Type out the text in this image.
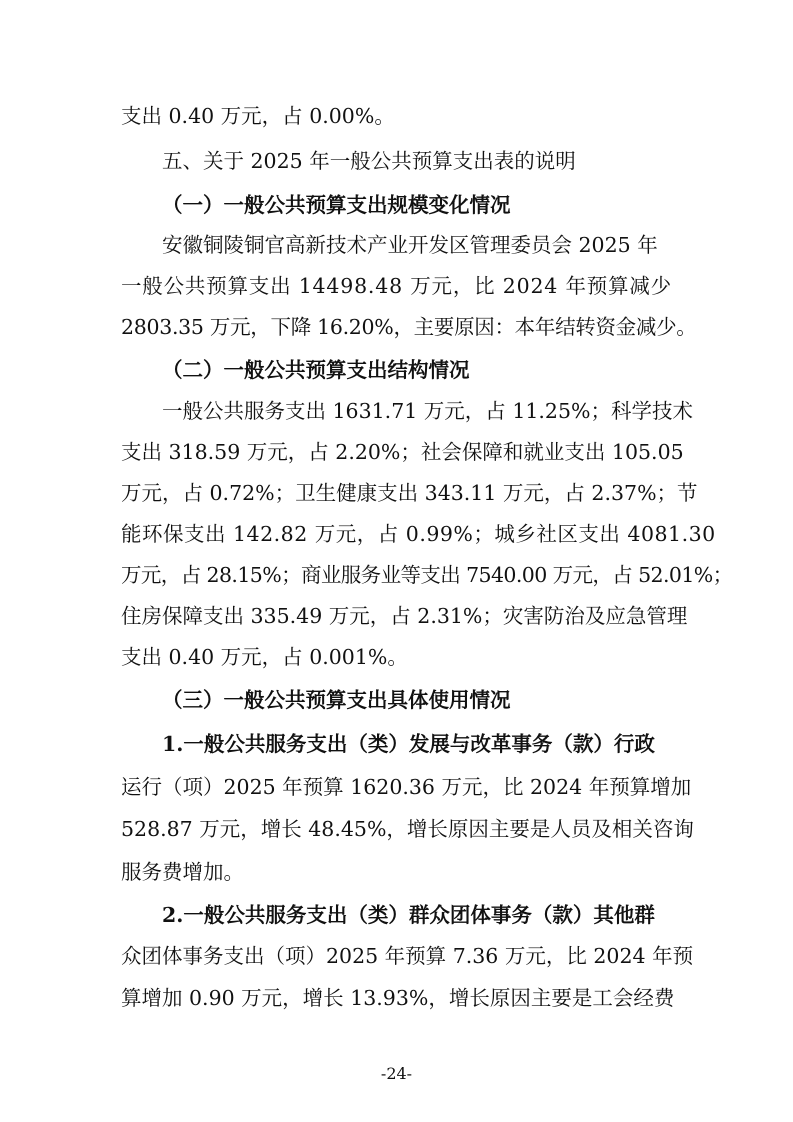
支出 0.40 万元，占 0.00%。
五、关于 2025 年一般公共预算支出表的说明
（一）一般公共预算支出规模变化情况
安徽铜陵铜官高新技术产业开发区管理委员会 2025 年
一般公共预算支出 14498.48 万元，比 2024 年预算减少
2803.35 万元，下降 16.20%，主要原因：本年结转资金减少。
（二）一般公共预算支出结构情况
一般公共服务支出 1631.71 万元，占 11.25%；科学技术
支出 318.59 万元，占 2.20%；社会保障和就业支出 105.05
万元，占 0.72%；卫生健康支出 343.11 万元，占 2.37%；节
能环保支出 142.82 万元，占 0.99%；城乡社区支出 4081.30
万元，占 28.15%；商业服务业等支出 7540.00 万元，占 52.01%；
住房保障支出 335.49 万元，占 2.31%；灾害防治及应急管理
支出 0.40 万元，占 0.001%。
（三）一般公共预算支出具体使用情况
1.一般公共服务支出（类）发展与改革事务（款）行政
运行（项）2025 年预算 1620.36 万元，比 2024 年预算增加
528.87 万元，增长 48.45%，增长原因主要是人员及相关咨询
服务费增加。
2.一般公共服务支出（类）群众团体事务（款）其他群
众团体事务支出（项）2025 年预算 7.36 万元，比 2024 年预
算增加 0.90 万元，增长 13.93%，增长原因主要是工会经费
-24-
